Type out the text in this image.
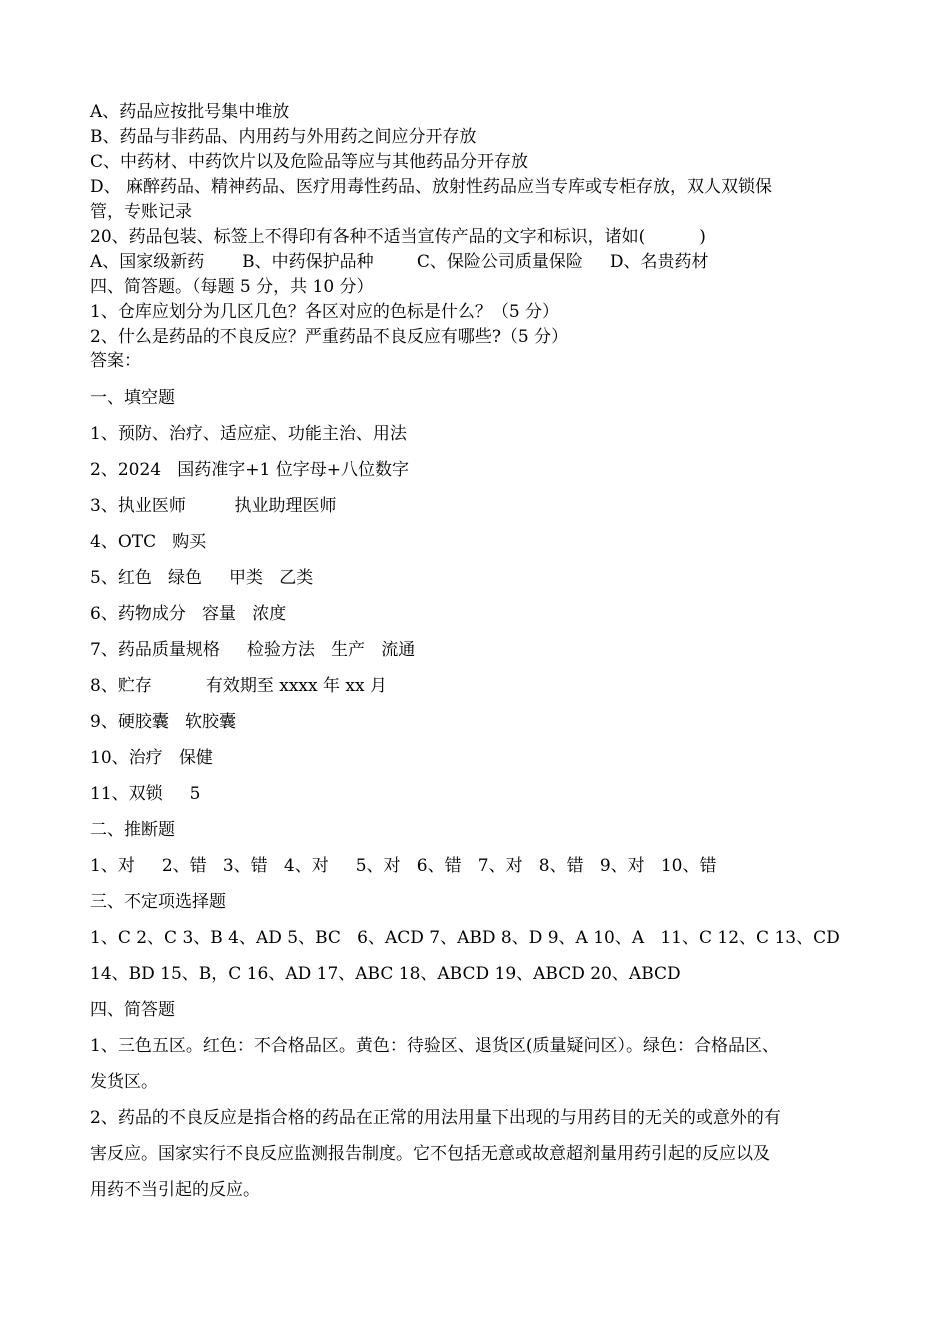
A、药品应按批号集中堆放
B、药品与非药品、内用药与外用药之间应分开存放
C、中药材、中药饮片以及危险品等应与其他药品分开存放
D、 麻醉药品、精神药品、医疗用毒性药品、放射性药品应当专库或专柜存放，双人双锁保
管，专账记录
20、药品包装、标签上不得印有各种不适当宣传产品的文字和标识，诸如(          )
A、国家级新药       B、中药保护品种        C、保险公司质量保险     D、名贵药材
四、简答题。（每题 5 分，共 10 分）
1、仓库应划分为几区几色？各区对应的色标是什么？（5 分）
2、什么是药品的不良反应？严重药品不良反应有哪些?（5 分）
答案：
一、填空题
1、预防、治疗、适应症、功能主治、用法
2、2024   国药准字+1 位字母+八位数字
3、执业医师         执业助理医师
4、OTC   购买
5、红色   绿色     甲类   乙类
6、药物成分   容量   浓度
7、药品质量规格     检验方法   生产   流通
8、贮存          有效期至 xxxx 年 xx 月
9、硬胶囊   软胶囊
10、治疗   保健
11、双锁     5
二、推断题
1、对     2、错   3、错   4、对     5、对   6、错   7、对   8、错   9、对   10、错
三、不定项选择题
1、C 2、C 3、B 4、AD 5、BC   6、ACD 7、ABD 8、D 9、A 10、A   11、C 12、C 13、CD
14、BD 15、B，C 16、AD 17、ABC 18、ABCD 19、ABCD 20、ABCD
四、简答题
1、三色五区。红色：不合格品区。黄色：待验区、退货区(质量疑问区）。绿色：合格品区、
发货区。
2、药品的不良反应是指合格的药品在正常的用法用量下出现的与用药目的无关的或意外的有
害反应。国家实行不良反应监测报告制度。它不包括无意或故意超剂量用药引起的反应以及
用药不当引起的反应。
